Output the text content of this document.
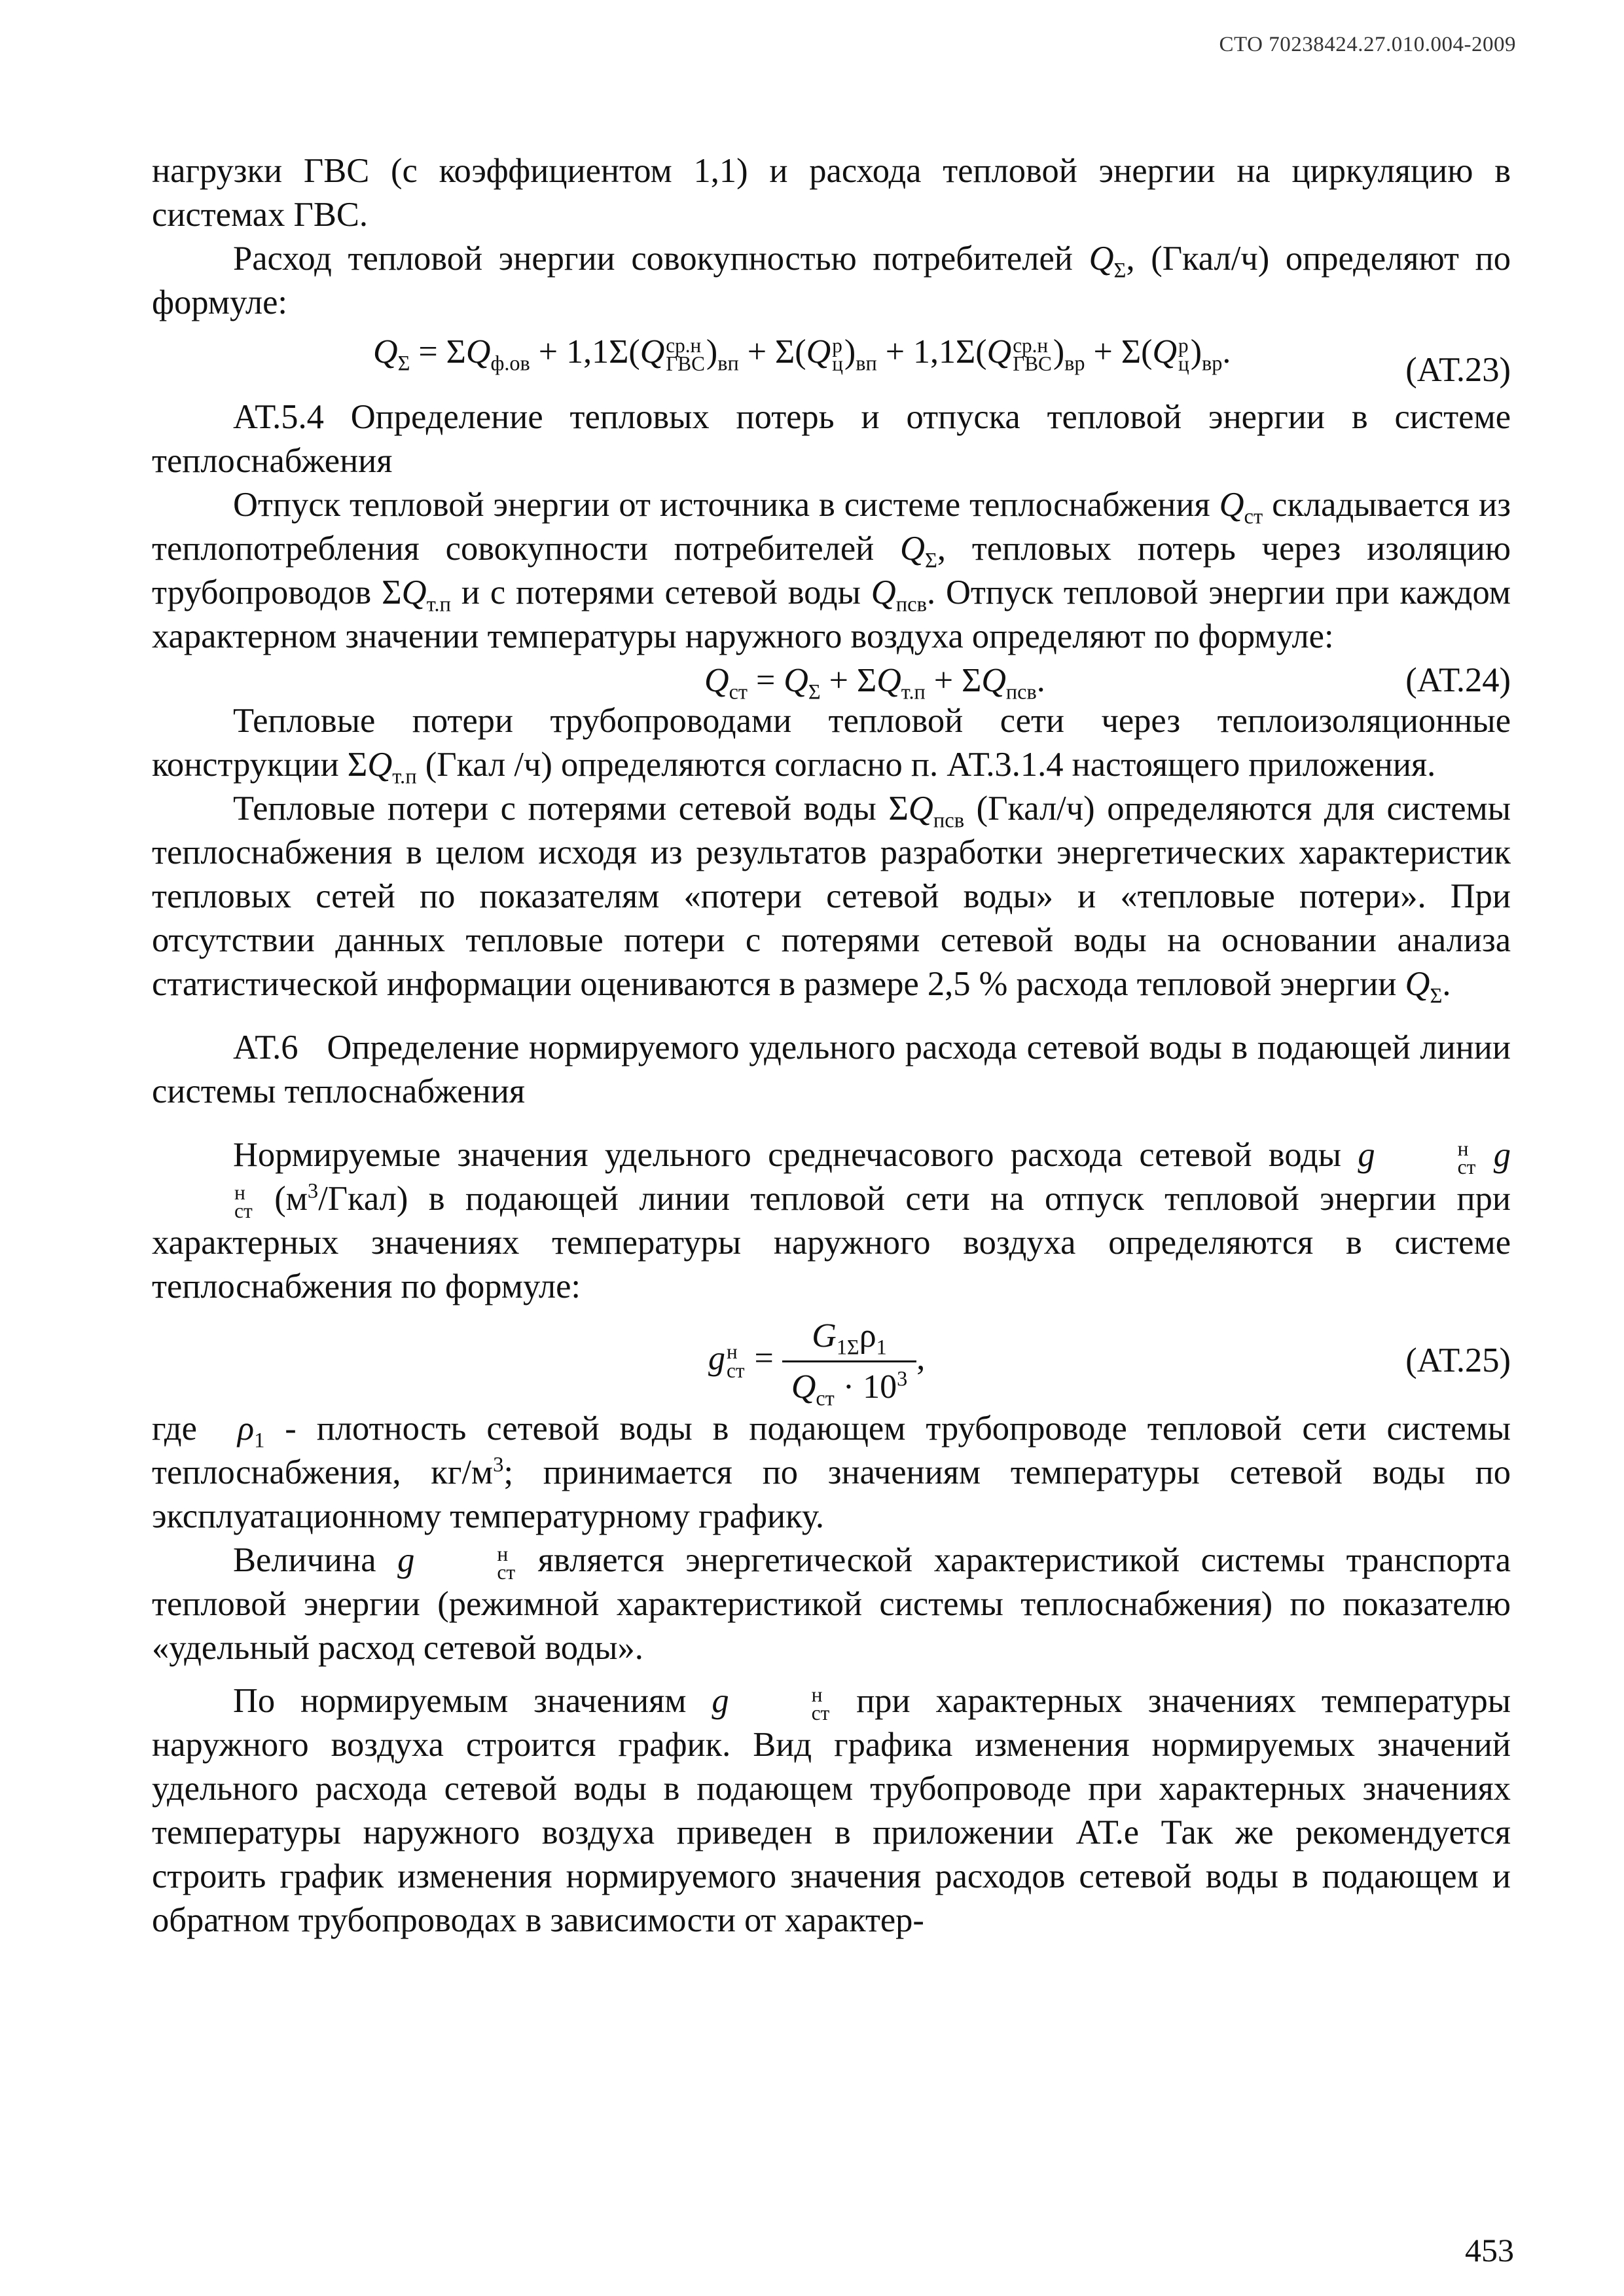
СТО 70238424.27.010.004-2009

нагрузки ГВС (с коэффициентом 1,1) и расхода тепловой энергии на циркуляцию в системах ГВС.

Расход тепловой энергии совокупностью потребителей $Q_\Sigma$, (Гкал/ч) определяют по формуле:

$Q_\Sigma = \Sigma Q_{ф.ов} + 1,1\Sigma(Q$ ср.н
ГВС )$_{вп} + \Sigma(Q$ р
ц )$_{вп} + 1,1\Sigma(Q$ ср.н
ГВС )$_{вр} + \Sigma(Q$ р
ц )$_{вр}$.	(АТ.23)

АТ.5.4 Определение тепловых потерь и отпуска тепловой энергии в системе теплоснабжения

Отпуск тепловой энергии от источника в системе теплоснабжения $Q_{ст}$ складывается из теплопотребления совокупности потребителей $Q_\Sigma$, тепловых потерь через изоляцию трубопроводов $\Sigma Q_{т.п}$ и с потерями сетевой воды $Q_{псв}$. Отпуск тепловой энергии при каждом характерном значении температуры наружного воздуха определяют по формуле:

$Q_{ст} = Q_\Sigma + \Sigma Q_{т.п} + \Sigma Q_{псв}$.	(АТ.24)

Тепловые потери трубопроводами тепловой сети через теплоизоляционные конструкции $\Sigma Q_{т.п}$ (Гкал /ч) определяются согласно п. АТ.3.1.4 настоящего приложения.

Тепловые потери с потерями сетевой воды $\Sigma Q_{псв}$ (Гкал/ч) определяются для системы теплоснабжения в целом исходя из результатов разработки энергетических характеристик тепловых сетей по показателям «потери сетевой воды» и «тепловые потери». При отсутствии данных тепловые потери с потерями сетевой воды на основании анализа статистической информации оцениваются в размере 2,5 % расхода тепловой энергии $Q_\Sigma$.

АТ.6   Определение нормируемого удельного расхода сетевой воды в подающей линии системы теплоснабжения

Нормируемые значения удельного среднечасового расхода сетевой воды g	н
ст g
н
ст $(м^3/Гкал)$ в подающей линии тепловой сети на отпуск тепловой энергии при характерных значениях температуры наружного воздуха определяются в системе теплоснабжения по формуле:

g н
ст = $\frac{G_{1\Sigma}\rho_1}{Q_{ст} \cdot 10^3}$ ,	(АТ.25)

где  $\rho_1$ - плотность сетевой воды в подающем трубопроводе тепловой сети системы теплоснабжения, $кг/м^3$; принимается по значениям температуры сетевой воды по эксплуатационному температурному графику.

Величина g	н
ст является энергетической характеристикой системы транспорта тепловой энергии (режимной характеристикой системы теплоснабжения) по показателю «удельный расход сетевой воды».

По нормируемым значениям g	н
ст при характерных значениях температуры наружного воздуха строится график. Вид графика изменения нормируемых значений удельного расхода сетевой воды в подающем трубопроводе при характерных значениях температуры наружного воздуха приведен в приложении АТ.е Так же рекомендуется строить график изменения нормируемого значения расходов сетевой воды в подающем и обратном трубопроводах в зависимости от характер-

453
